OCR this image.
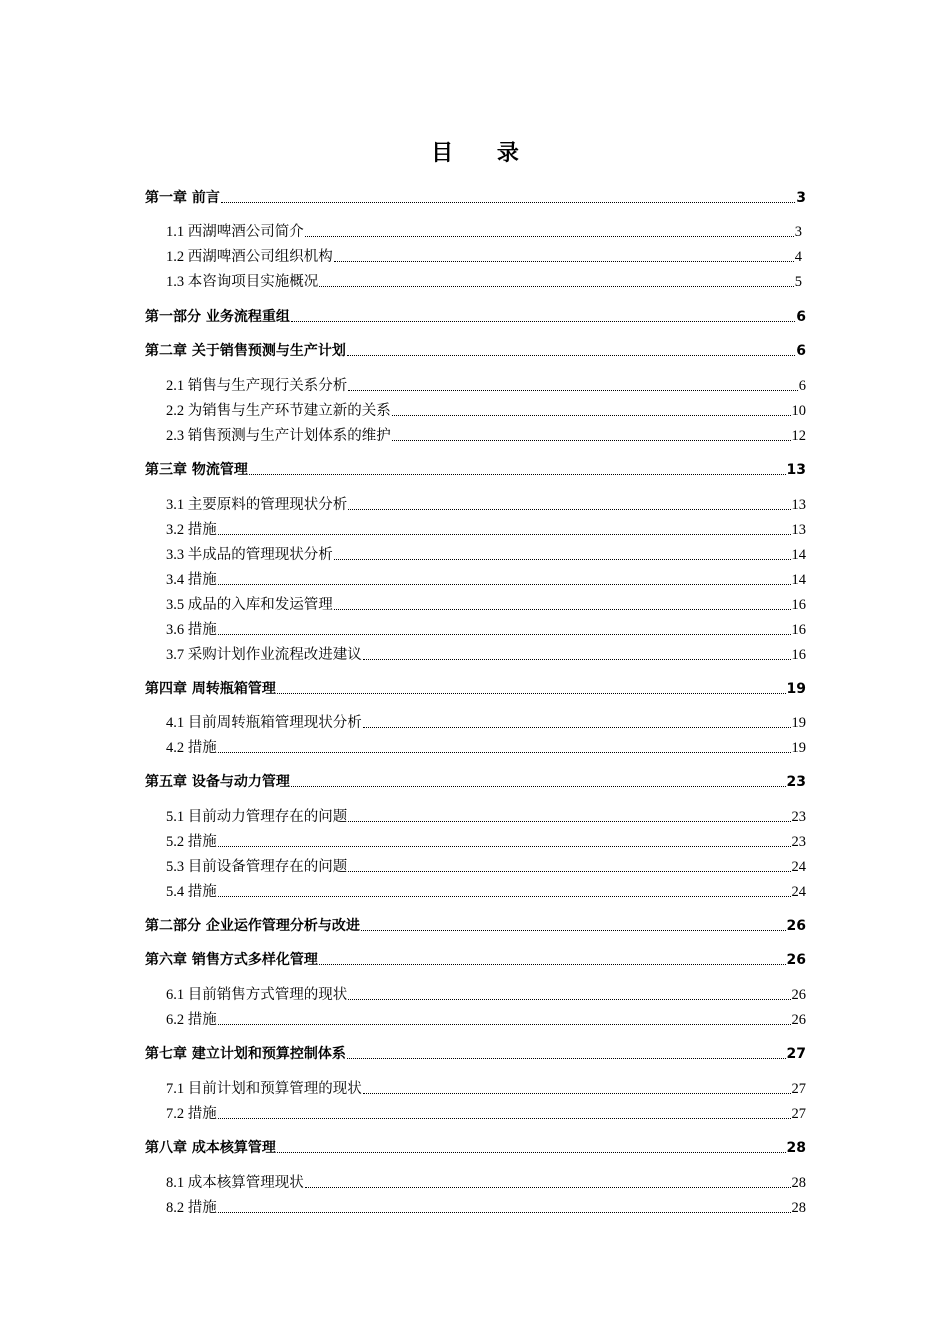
目 录
第一章 前言	3
1.1 西湖啤酒公司简介	3
1.2 西湖啤酒公司组织机构	4
1.3 本咨询项目实施概况	5
第一部分 业务流程重组	6
第二章 关于销售预测与生产计划	6
2.1 销售与生产现行关系分析	6
2.2 为销售与生产环节建立新的关系	10
2.3 销售预测与生产计划体系的维护	12
第三章 物流管理	13
3.1 主要原料的管理现状分析	13
3.2 措施	13
3.3 半成品的管理现状分析	14
3.4 措施	14
3.5 成品的入库和发运管理	16
3.6 措施	16
3.7 采购计划作业流程改进建议	16
第四章 周转瓶箱管理	19
4.1 目前周转瓶箱管理现状分析	19
4.2 措施	19
第五章 设备与动力管理	23
5.1 目前动力管理存在的问题	23
5.2 措施	23
5.3 目前设备管理存在的问题	24
5.4 措施	24
第二部分 企业运作管理分析与改进	26
第六章 销售方式多样化管理	26
6.1 目前销售方式管理的现状	26
6.2 措施	26
第七章 建立计划和预算控制体系	27
7.1 目前计划和预算管理的现状	27
7.2 措施	27
第八章 成本核算管理	28
8.1 成本核算管理现状	28
8.2 措施	28
